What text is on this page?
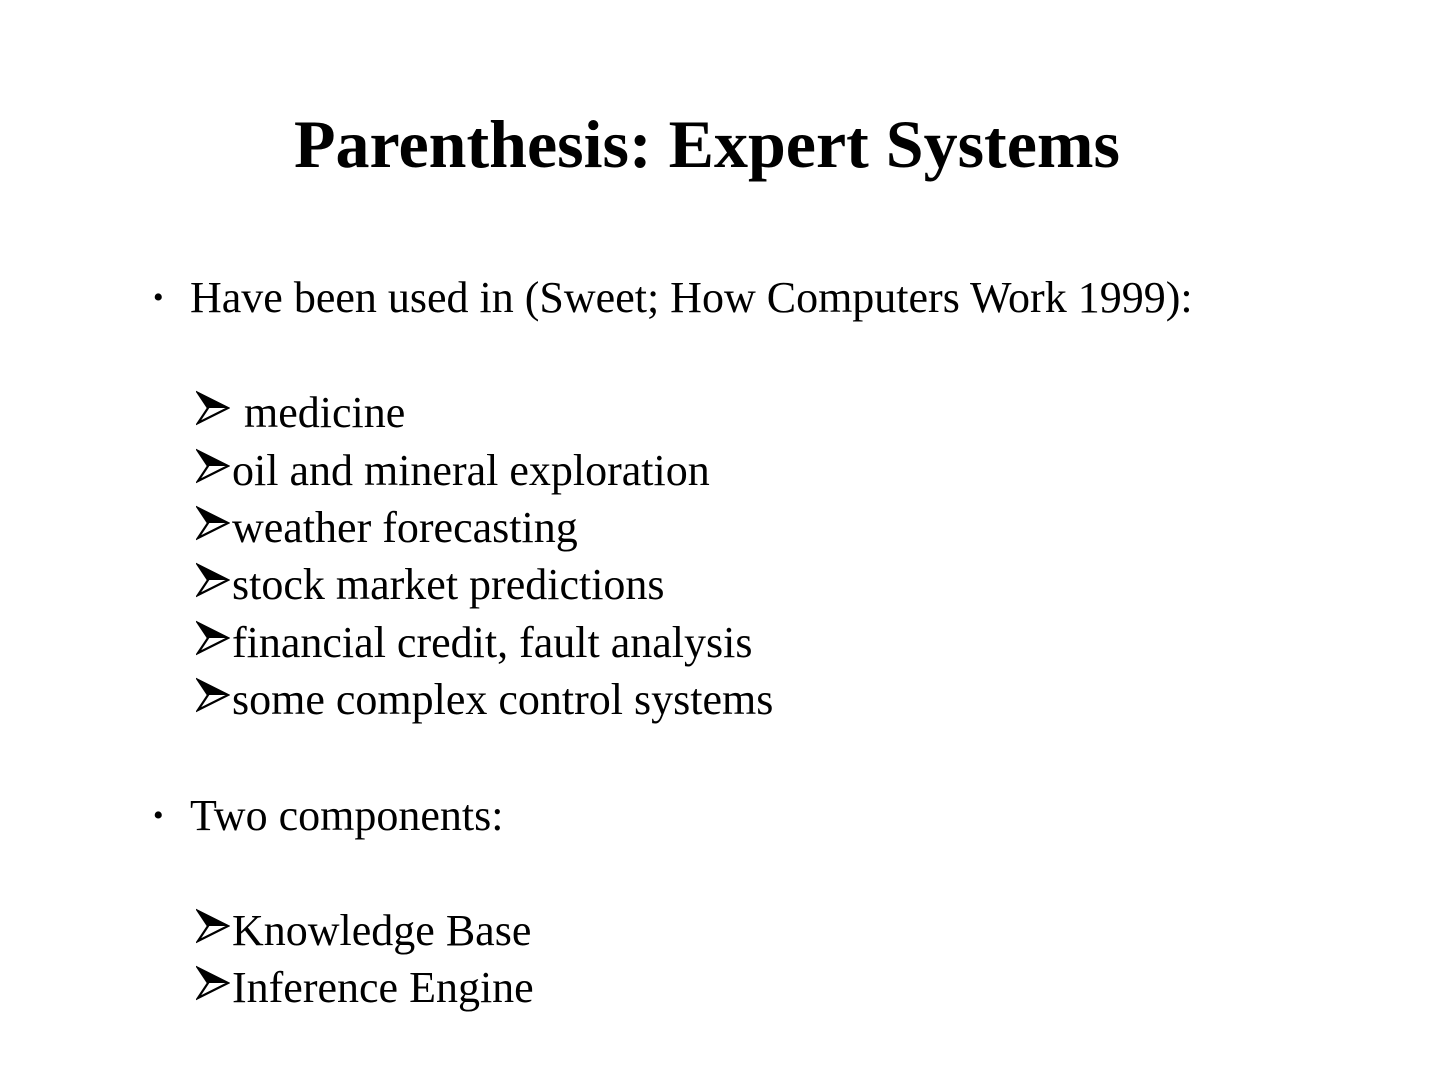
Parenthesis: Expert Systems
• Have been used in (Sweet; How Computers Work 1999):
medicine
oil and mineral exploration
weather forecasting
stock market predictions
financial credit, fault analysis
some complex control systems
• Two components:
Knowledge Base
Inference Engine
